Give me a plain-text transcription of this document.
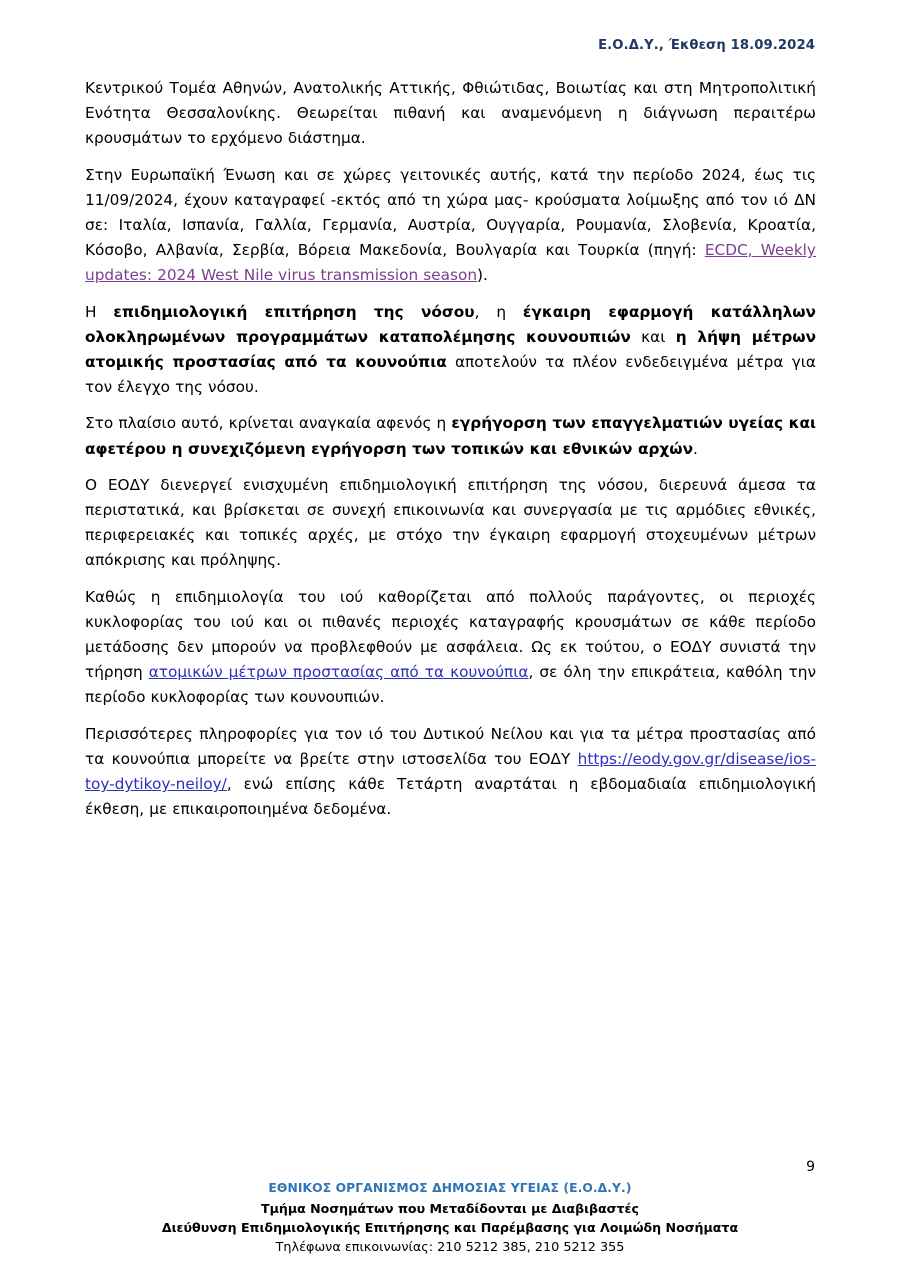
Ε.Ο.Δ.Υ., Έκθεση 18.09.2024

Κεντρικού Τομέα Αθηνών, Ανατολικής Αττικής, Φθιώτιδας, Βοιωτίας και στη Μητροπολιτική Ενότητα Θεσσαλονίκης. Θεωρείται πιθανή και αναμενόμενη η διάγνωση περαιτέρω κρουσμάτων το ερχόμενο διάστημα.

Στην Ευρωπαϊκή Ένωση και σε χώρες γειτονικές αυτής, κατά την περίοδο 2024, έως τις 11/09/2024, έχουν καταγραφεί -εκτός από τη χώρα μας- κρούσματα λοίμωξης από τον ιό ΔΝ σε: Ιταλία, Ισπανία, Γαλλία, Γερμανία, Αυστρία, Ουγγαρία, Ρουμανία, Σλοβενία, Κροατία, Κόσοβο, Αλβανία, Σερβία, Βόρεια Μακεδονία, Βουλγαρία και Τουρκία (πηγή: ECDC, Weekly updates: 2024 West Nile virus transmission season).

Η επιδημιολογική επιτήρηση της νόσου, η έγκαιρη εφαρμογή κατάλληλων ολοκληρωμένων προγραμμάτων καταπολέμησης κουνουπιών και η λήψη μέτρων ατομικής προστασίας από τα κουνούπια αποτελούν τα πλέον ενδεδειγμένα μέτρα για τον έλεγχο της νόσου.

Στο πλαίσιο αυτό, κρίνεται αναγκαία αφενός η εγρήγορση των επαγγελματιών υγείας και αφετέρου η συνεχιζόμενη εγρήγορση των τοπικών και εθνικών αρχών.

Ο ΕΟΔΥ διενεργεί ενισχυμένη επιδημιολογική επιτήρηση της νόσου, διερευνά άμεσα τα περιστατικά, και βρίσκεται σε συνεχή επικοινωνία και συνεργασία με τις αρμόδιες εθνικές, περιφερειακές και τοπικές αρχές, με στόχο την έγκαιρη εφαρμογή στοχευμένων μέτρων απόκρισης και πρόληψης.

Καθώς η επιδημιολογία του ιού καθορίζεται από πολλούς παράγοντες, οι περιοχές κυκλοφορίας του ιού και οι πιθανές περιοχές καταγραφής κρουσμάτων σε κάθε περίοδο μετάδοσης δεν μπορούν να προβλεφθούν με ασφάλεια. Ως εκ τούτου, ο ΕΟΔΥ συνιστά την τήρηση ατομικών μέτρων προστασίας από τα κουνούπια, σε όλη την επικράτεια, καθόλη την περίοδο κυκλοφορίας των κουνουπιών.

Περισσότερες πληροφορίες για τον ιό του Δυτικού Νείλου και για τα μέτρα προστασίας από τα κουνούπια μπορείτε να βρείτε στην ιστοσελίδα του ΕΟΔΥ https://eody.gov.gr/disease/ios-toy-dytikoy-neiloy/, ενώ επίσης κάθε Τετάρτη αναρτάται η εβδομαδιαία επιδημιολογική έκθεση, με επικαιροποιημένα δεδομένα.

9
ΕΘΝΙΚΟΣ ΟΡΓΑΝΙΣΜΟΣ ΔΗΜΟΣΙΑΣ ΥΓΕΙΑΣ (Ε.Ο.Δ.Υ.)
Τμήμα Νοσημάτων που Μεταδίδονται με Διαβιβαστές
Διεύθυνση Επιδημιολογικής Επιτήρησης και Παρέμβασης για Λοιμώδη Νοσήματα
Τηλέφωνα επικοινωνίας: 210 5212 385, 210 5212 355
